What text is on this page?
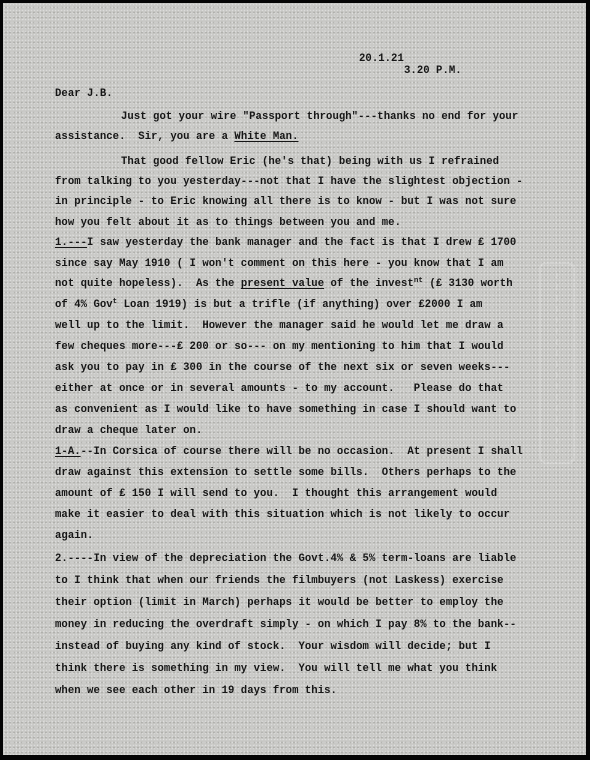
20.1.21
3.20 P.M.
Dear J.B.
Just got your wire "Passport through"---thanks no end for your
assistance.  Sir, you are a White Man.
That good fellow Eric (he's that) being with us I refrained
from talking to you yesterday---not that I have the slightest objection -
in principle - to Eric knowing all there is to know - but I was not sure
how you felt about it as to things between you and me.
1.---I saw yesterday the bank manager and the fact is that I drew ₤ 1700
since say May 1910 ( I won't comment on this here - you know that I am
not quite hopeless).  As the present value of the invest$^{nt}$ (₤ 3130 worth
of 4% Gov$^t$ Loan 1919) is but a trifle (if anything) over ₤2000 I am
well up to the limit.  However the manager said he would let me draw a
few cheques more---₤ 200 or so--- on my mentioning to him that I would
ask you to pay in ₤ 300 in the course of the next six or seven weeks---
either at once or in several amounts - to my account.   Please do that
as convenient as I would like to have something in case I should want to
draw a cheque later on.
1-A.--In Corsica of course there will be no occasion.  At present I shall
draw against this extension to settle some bills.  Others perhaps to the
amount of ₤ 150 I will send to you.  I thought this arrangement would
make it easier to deal with this situation which is not likely to occur
again.
2.----In view of the depreciation the Govt.4% & 5% term-loans are liable
to I think that when our friends the filmbuyers (not Laskess) exercise
their option (limit in March) perhaps it would be better to employ the
money in reducing the overdraft simply - on which I pay 8% to the bank--
instead of buying any kind of stock.  Your wisdom will decide; but I
think there is something in my view.  You will tell me what you think
when we see each other in 19 days from this.
